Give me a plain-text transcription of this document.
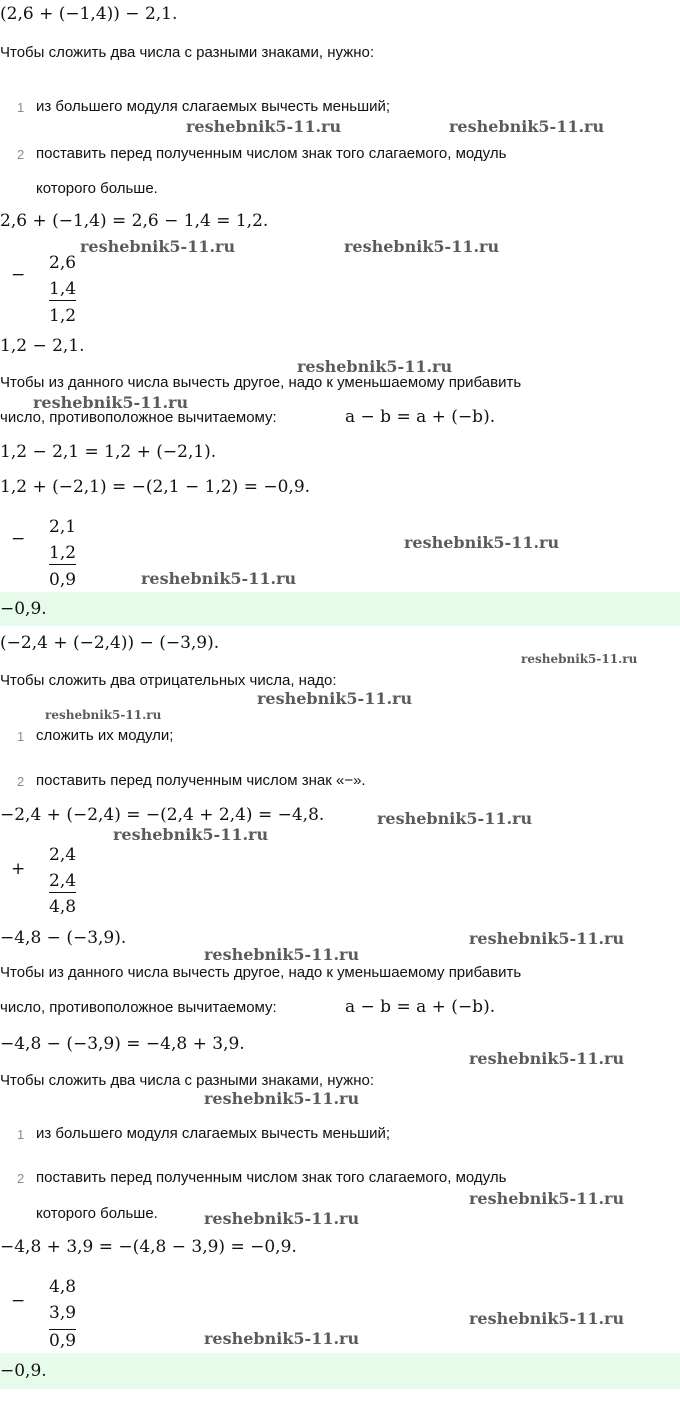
(2,6 + (−1,4)) − 2,1.
Чтобы сложить два числа с разными знаками, нужно:
1 из большего модуля слагаемых вычесть меньший;
2 поставить перед полученным числом знак того слагаемого, модуль
которого больше.
2,6 + (−1,4) = 2,6 − 1,4 = 1,2.
−
2,6
1,4
1,2
1,2 − 2,1.
Чтобы из данного числа вычесть другое, надо к уменьшаемому прибавить
число, противоположное вычитаемому:	a − b = a + (−b).
1,2 − 2,1 = 1,2 + (−2,1).
1,2 + (−2,1) = −(2,1 − 1,2) = −0,9.
−
2,1
1,2
0,9
−0,9.
(−2,4 + (−2,4)) − (−3,9).
Чтобы сложить два отрицательных числа, надо:
1 сложить их модули;
2 поставить перед полученным числом знак «−».
−2,4 + (−2,4) = −(2,4 + 2,4) = −4,8.
+
2,4
2,4
4,8
−4,8 − (−3,9).
Чтобы из данного числа вычесть другое, надо к уменьшаемому прибавить
число, противоположное вычитаемому:	a − b = a + (−b).
−4,8 − (−3,9) = −4,8 + 3,9.
Чтобы сложить два числа с разными знаками, нужно:
1 из большего модуля слагаемых вычесть меньший;
2 поставить перед полученным числом знак того слагаемого, модуль
которого больше.
−4,8 + 3,9 = −(4,8 − 3,9) = −0,9.
−
4,8
3,9
0,9
−0,9.
reshebnik5-11.ru	reshebnik5-11.ru
reshebnik5-11.ru	reshebnik5-11.ru
reshebnik5-11.ru
reshebnik5-11.ru
reshebnik5-11.ru
reshebnik5-11.ru
reshebnik5-11.ru
reshebnik5-11.ru
reshebnik5-11.ru
reshebnik5-11.ru
reshebnik5-11.ru
reshebnik5-11.ru
reshebnik5-11.ru
reshebnik5-11.ru
reshebnik5-11.ru
reshebnik5-11.ru
reshebnik5-11.ru
reshebnik5-11.ru
reshebnik5-11.ru
